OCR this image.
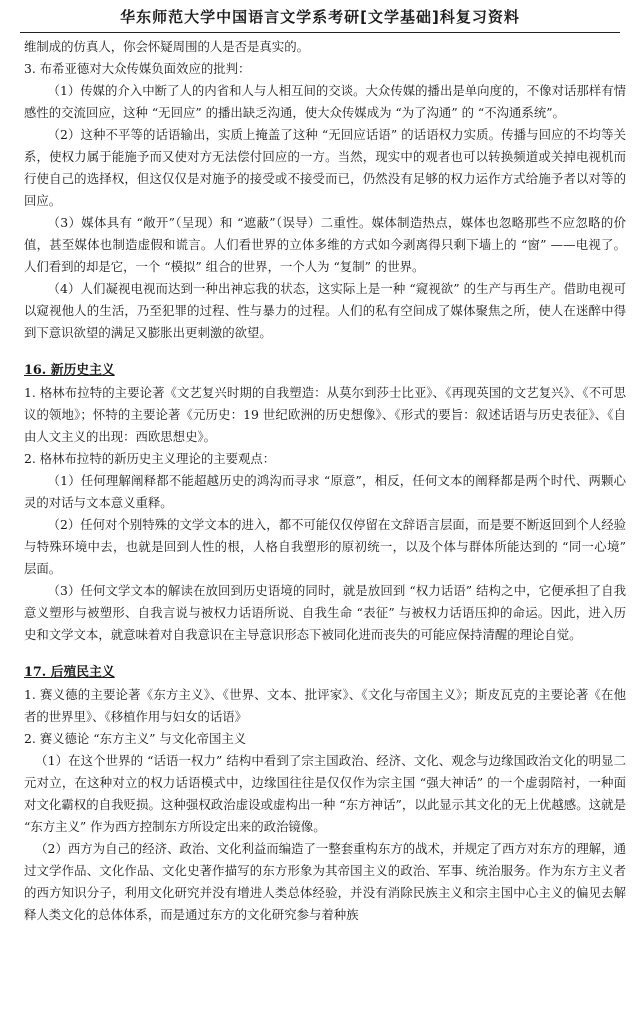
华东师范大学中国语言文学系考研[文学基础]科复习资料

维制成的仿真人，你会怀疑周围的人是否是真实的。

3. 布希亚德对大众传媒负面效应的批判：

（1）传媒的介入中断了人的内省和人与人相互间的交谈。大众传媒的播出是单向度的，不像对话那样有情感性的交流回应，这种 “无回应” 的播出缺乏沟通，使大众传媒成为 “为了沟通” 的 “不沟通系统”。

（2）这种不平等的话语输出，实质上掩盖了这种 “无回应话语” 的话语权力实质。传播与回应的不均等关系，使权力属于能施予而又使对方无法偿付回应的一方。当然，现实中的观者也可以转换频道或关掉电视机而行使自己的选择权，但这仅仅是对施予的接受或不接受而已，仍然没有足够的权力运作方式给施予者以对等的回应。

（3）媒体具有 “敞开”（呈现）和 “遮蔽”（误导）二重性。媒体制造热点，媒体也忽略那些不应忽略的价值，甚至媒体也制造虚假和谎言。人们看世界的立体多维的方式如今剥离得只剩下墙上的 “窗” ——电视了。人们看到的却是它，一个 “模拟” 组合的世界，一个人为 “复制” 的世界。

（4）人们凝视电视而达到一种出神忘我的状态，这实际上是一种 “窥视欲” 的生产与再生产。借助电视可以窥视他人的生活，乃至犯罪的过程、性与暴力的过程。人们的私有空间成了媒体聚焦之所，使人在迷醉中得到下意识欲望的满足又膨胀出更刺激的欲望。

16. 新历史主义

1. 格林布拉特的主要论著《文艺复兴时期的自我塑造：从莫尔到莎士比亚》、《再现英国的文艺复兴》、《不可思议的领地》；怀特的主要论著《元历史：19 世纪欧洲的历史想像》、《形式的要旨：叙述话语与历史表征》、《自由人文主义的出现：西欧思想史》。

2. 格林布拉特的新历史主义理论的主要观点：

（1）任何理解阐释都不能超越历史的鸿沟而寻求 “原意”，相反，任何文本的阐释都是两个时代、两颗心灵的对话与文本意义重释。

（2）任何对个别特殊的文学文本的进入，都不可能仅仅停留在文辞语言层面，而是要不断返回到个人经验与特殊环境中去，也就是回到人性的根，人格自我塑形的原初统一，以及个体与群体所能达到的 “同一心境” 层面。

（3）任何文学文本的解读在放回到历史语境的同时，就是放回到 “权力话语” 结构之中，它便承担了自我意义塑形与被塑形、自我言说与被权力话语所说、自我生命 “表征” 与被权力话语压抑的命运。因此，进入历史和文学文本，就意味着对自我意识在主导意识形态下被同化进而丧失的可能应保持清醒的理论自觉。

17. 后殖民主义

1. 赛义德的主要论著《东方主义》、《世界、文本、批评家》、《文化与帝国主义》；斯皮瓦克的主要论著《在他者的世界里》、《移植作用与妇女的话语》

2. 赛义德论 “东方主义” 与文化帝国主义

（1）在这个世界的 “话语一权力” 结构中看到了宗主国政治、经济、文化、观念与边缘国政治文化的明显二元对立，在这种对立的权力话语模式中，边缘国往往是仅仅作为宗主国 “强大神话” 的一个虚弱陪衬，一种面对文化霸权的自我贬损。这种强权政治虚设或虚构出一种 “东方神话”，以此显示其文化的无上优越感。这就是 “东方主义” 作为西方控制东方所设定出来的政治镜像。

（2）西方为自己的经济、政治、文化利益而编造了一整套重构东方的战术，并规定了西方对东方的理解，通过文学作品、文化作品、文化史著作描写的东方形象为其帝国主义的政治、军事、统治服务。作为东方主义者的西方知识分子，利用文化研究并没有增进人类总体经验，并没有消除民族主义和宗主国中心主义的偏见去解释人类文化的总体体系，而是通过东方的文化研究参与着种族
